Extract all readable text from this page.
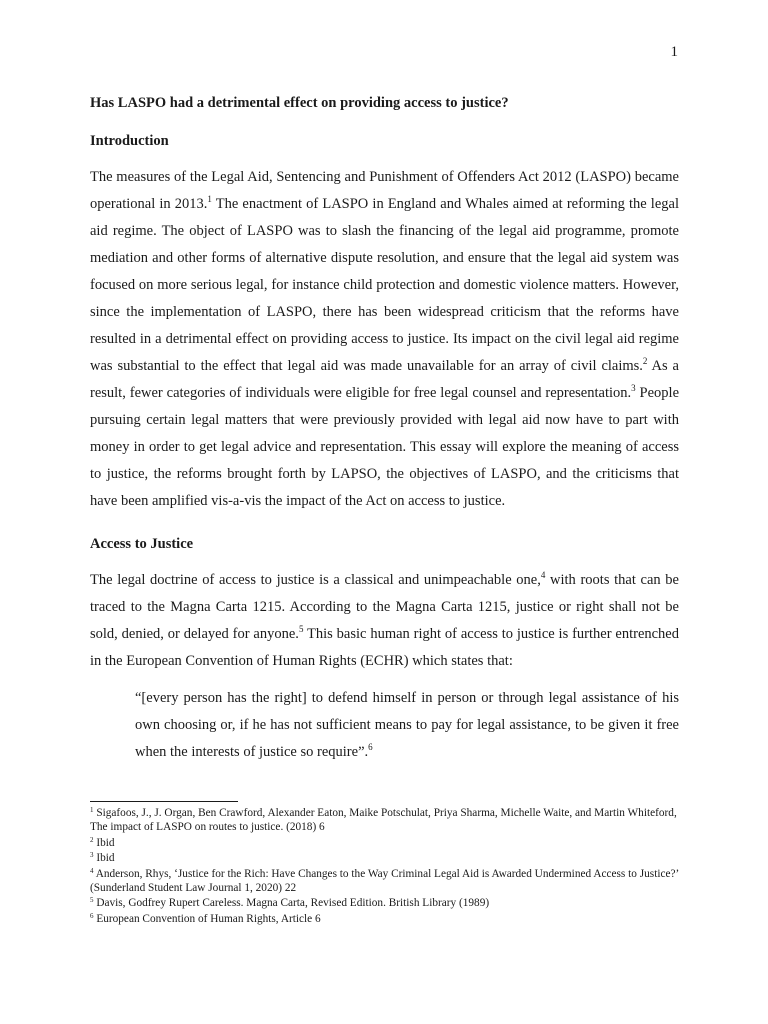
1

Has LASPO had a detrimental effect on providing access to justice?

Introduction

The measures of the Legal Aid, Sentencing and Punishment of Offenders Act 2012 (LASPO) became operational in 2013.$^1$ The enactment of LASPO in England and Whales aimed at reforming the legal aid regime. The object of LASPO was to slash the financing of the legal aid programme, promote mediation and other forms of alternative dispute resolution, and ensure that the legal aid system was focused on more serious legal, for instance child protection and domestic violence matters. However, since the implementation of LASPO, there has been widespread criticism that the reforms have resulted in a detrimental effect on providing access to justice. Its impact on the civil legal aid regime was substantial to the effect that legal aid was made unavailable for an array of civil claims.$^2$ As a result, fewer categories of individuals were eligible for free legal counsel and representation.$^3$ People pursuing certain legal matters that were previously provided with legal aid now have to part with money in order to get legal advice and representation. This essay will explore the meaning of access to justice, the reforms brought forth by LAPSO, the objectives of LASPO, and the criticisms that have been amplified vis-a-vis the impact of the Act on access to justice.

Access to Justice

The legal doctrine of access to justice is a classical and unimpeachable one,$^4$ with roots that can be traced to the Magna Carta 1215. According to the Magna Carta 1215, justice or right shall not be sold, denied, or delayed for anyone.$^5$ This basic human right of access to justice is further entrenched in the European Convention of Human Rights (ECHR) which states that:

“[every person has the right] to defend himself in person or through legal assistance of his own choosing or, if he has not sufficient means to pay for legal assistance, to be given it free when the interests of justice so require”.$^6$

$^1$ Sigafoos, J., J. Organ, Ben Crawford, Alexander Eaton, Maike Potschulat, Priya Sharma, Michelle Waite, and Martin Whiteford, The impact of LASPO on routes to justice. (2018) 6

$^2$ Ibid

$^3$ Ibid

$^4$ Anderson, Rhys, ‘Justice for the Rich: Have Changes to the Way Criminal Legal Aid is Awarded Undermined Access to Justice?’ (Sunderland Student Law Journal 1, 2020) 22

$^5$ Davis, Godfrey Rupert Careless. Magna Carta, Revised Edition. British Library (1989)

$^6$ European Convention of Human Rights, Article 6
